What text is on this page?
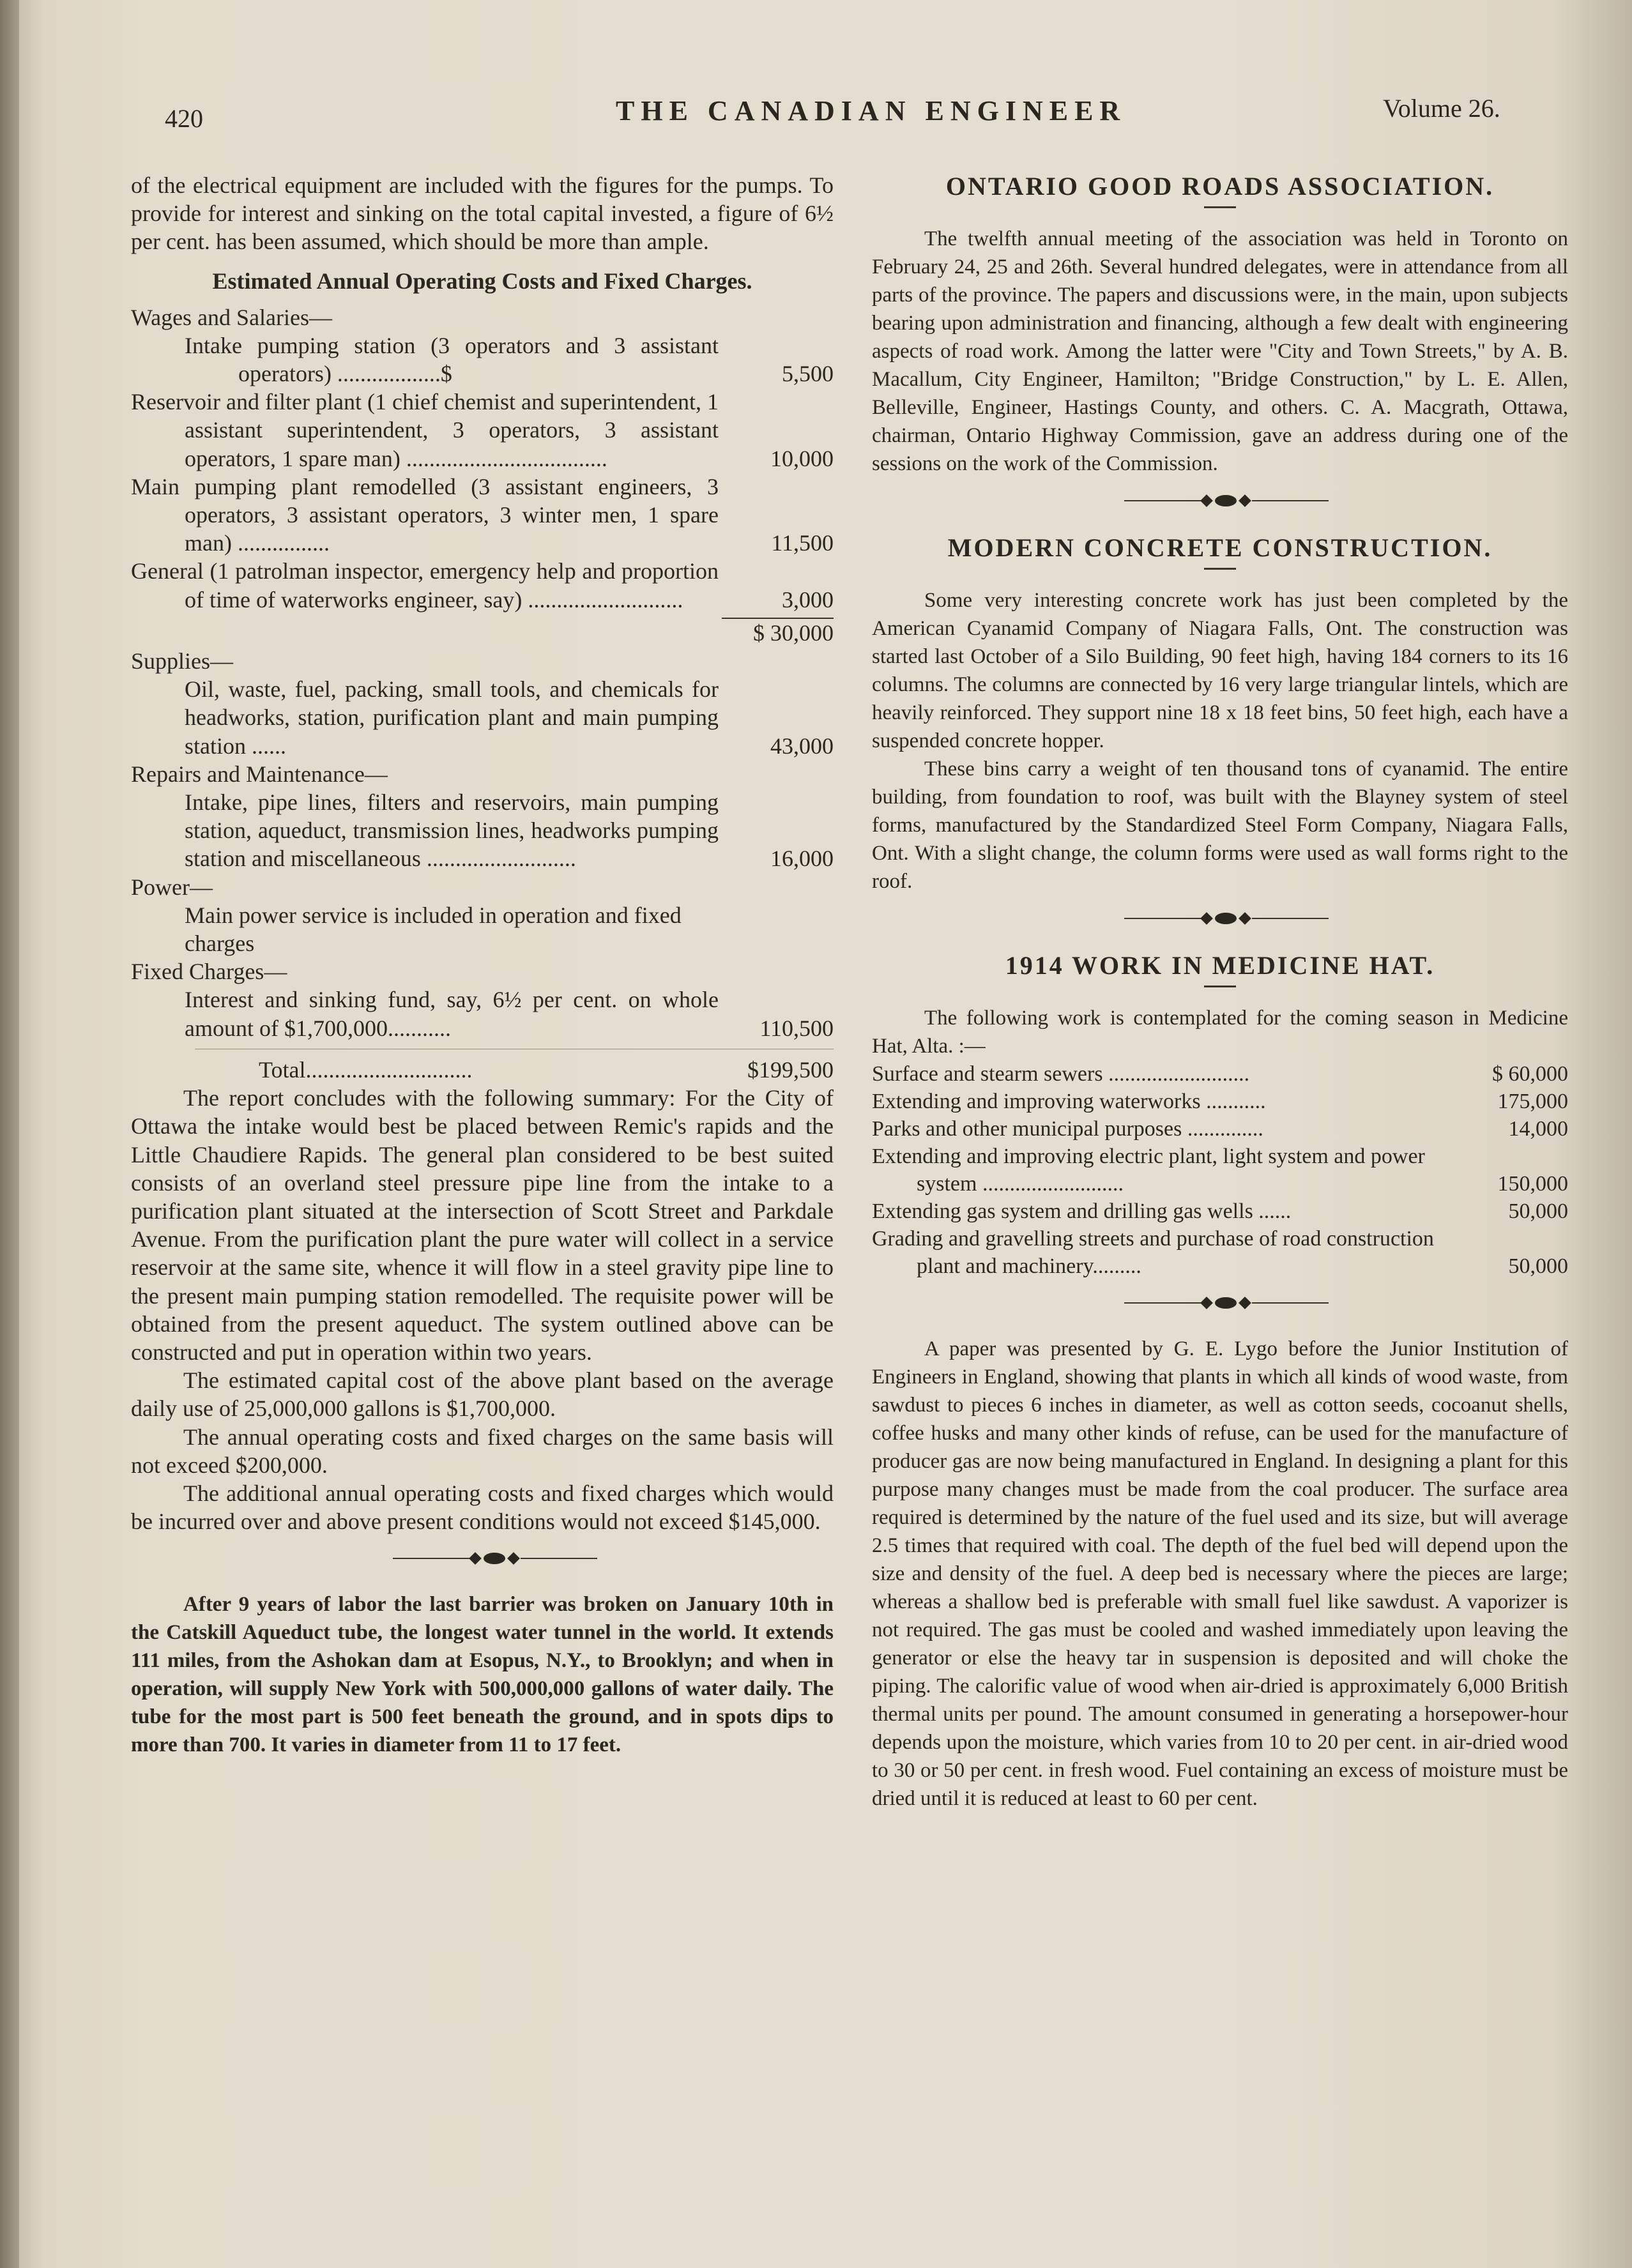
420	THE CANADIAN ENGINEER	Volume 26.

of the electrical equipment are included with the figures for the pumps. To provide for interest and sinking on the total capital invested, a figure of 6½ per cent. has been assumed, which should be more than ample.

Estimated Annual Operating Costs and Fixed Charges.
Wages and Salaries—
Intake pumping station (3 operators and 3 assistant operators) ..................$	5,500
Reservoir and filter plant (1 chief chemist and superintendent, 1 assistant superintendent, 3 operators, 3 assistant operators, 1 spare man) ...................................	10,000
Main pumping plant remodelled (3 assistant engineers, 3 operators, 3 assistant operators, 3 winter men, 1 spare man) ................	11,500
General (1 patrolman inspector, emergency help and proportion of time of waterworks engineer, say) ...........................	3,000
$ 30,000
Supplies—
Oil, waste, fuel, packing, small tools, and chemicals for headworks, station, purification plant and main pumping station ......	43,000
Repairs and Maintenance—
Intake, pipe lines, filters and reservoirs, main pumping station, aqueduct, transmission lines, headworks pumping station and miscellaneous ..........................	16,000
Power—
Main power service is included in operation and fixed charges
Fixed Charges—
Interest and sinking fund, say, 6½ per cent. on whole amount of $1,700,000...........	110,500
Total.............................	$199,500

The report concludes with the following summary: For the City of Ottawa the intake would best be placed between Remic's rapids and the Little Chaudiere Rapids. The general plan considered to be best suited consists of an overland steel pressure pipe line from the intake to a purification plant situated at the intersection of Scott Street and Parkdale Avenue. From the purification plant the pure water will collect in a service reservoir at the same site, whence it will flow in a steel gravity pipe line to the present main pumping station remodelled. The requisite power will be obtained from the present aqueduct. The system outlined above can be constructed and put in operation within two years.

The estimated capital cost of the above plant based on the average daily use of 25,000,000 gallons is $1,700,000.

The annual operating costs and fixed charges on the same basis will not exceed $200,000.

The additional annual operating costs and fixed charges which would be incurred over and above present conditions would not exceed $145,000.

After 9 years of labor the last barrier was broken on January 10th in the Catskill Aqueduct tube, the longest water tunnel in the world. It extends 111 miles, from the Ashokan dam at Esopus, N.Y., to Brooklyn; and when in operation, will supply New York with 500,000,000 gallons of water daily. The tube for the most part is 500 feet beneath the ground, and in spots dips to more than 700. It varies in diameter from 11 to 17 feet.

ONTARIO GOOD ROADS ASSOCIATION.

The twelfth annual meeting of the association was held in Toronto on February 24, 25 and 26th. Several hundred delegates, were in attendance from all parts of the province. The papers and discussions were, in the main, upon subjects bearing upon administration and financing, although a few dealt with engineering aspects of road work. Among the latter were "City and Town Streets," by A. B. Macallum, City Engineer, Hamilton; "Bridge Construction," by L. E. Allen, Belleville, Engineer, Hastings County, and others. C. A. Macgrath, Ottawa, chairman, Ontario Highway Commission, gave an address during one of the sessions on the work of the Commission.

MODERN CONCRETE CONSTRUCTION.

Some very interesting concrete work has just been completed by the American Cyanamid Company of Niagara Falls, Ont. The construction was started last October of a Silo Building, 90 feet high, having 184 corners to its 16 columns. The columns are connected by 16 very large triangular lintels, which are heavily reinforced. They support nine 18 x 18 feet bins, 50 feet high, each have a suspended concrete hopper.

These bins carry a weight of ten thousand tons of cyanamid. The entire building, from foundation to roof, was built with the Blayney system of steel forms, manufactured by the Standardized Steel Form Company, Niagara Falls, Ont. With a slight change, the column forms were used as wall forms right to the roof.

1914 WORK IN MEDICINE HAT.

The following work is contemplated for the coming season in Medicine Hat, Alta. :—

Surface and stearm sewers ..........................	$ 60,000
Extending and improving waterworks ...........	175,000
Parks and other municipal purposes ..............	14,000
Extending and improving electric plant, light system and power system ..........................	150,000
Extending gas system and drilling gas wells ......	50,000
Grading and gravelling streets and purchase of road construction plant and machinery.........	50,000

A paper was presented by G. E. Lygo before the Junior Institution of Engineers in England, showing that plants in which all kinds of wood waste, from sawdust to pieces 6 inches in diameter, as well as cotton seeds, cocoanut shells, coffee husks and many other kinds of refuse, can be used for the manufacture of producer gas are now being manufactured in England. In designing a plant for this purpose many changes must be made from the coal producer. The surface area required is determined by the nature of the fuel used and its size, but will average 2.5 times that required with coal. The depth of the fuel bed will depend upon the size and density of the fuel. A deep bed is necessary where the pieces are large; whereas a shallow bed is preferable with small fuel like sawdust. A vaporizer is not required. The gas must be cooled and washed immediately upon leaving the generator or else the heavy tar in suspension is deposited and will choke the piping. The calorific value of wood when air-dried is approximately 6,000 British thermal units per pound. The amount consumed in generating a horsepower-hour depends upon the moisture, which varies from 10 to 20 per cent. in air-dried wood to 30 or 50 per cent. in fresh wood. Fuel containing an excess of moisture must be dried until it is reduced at least to 60 per cent.
